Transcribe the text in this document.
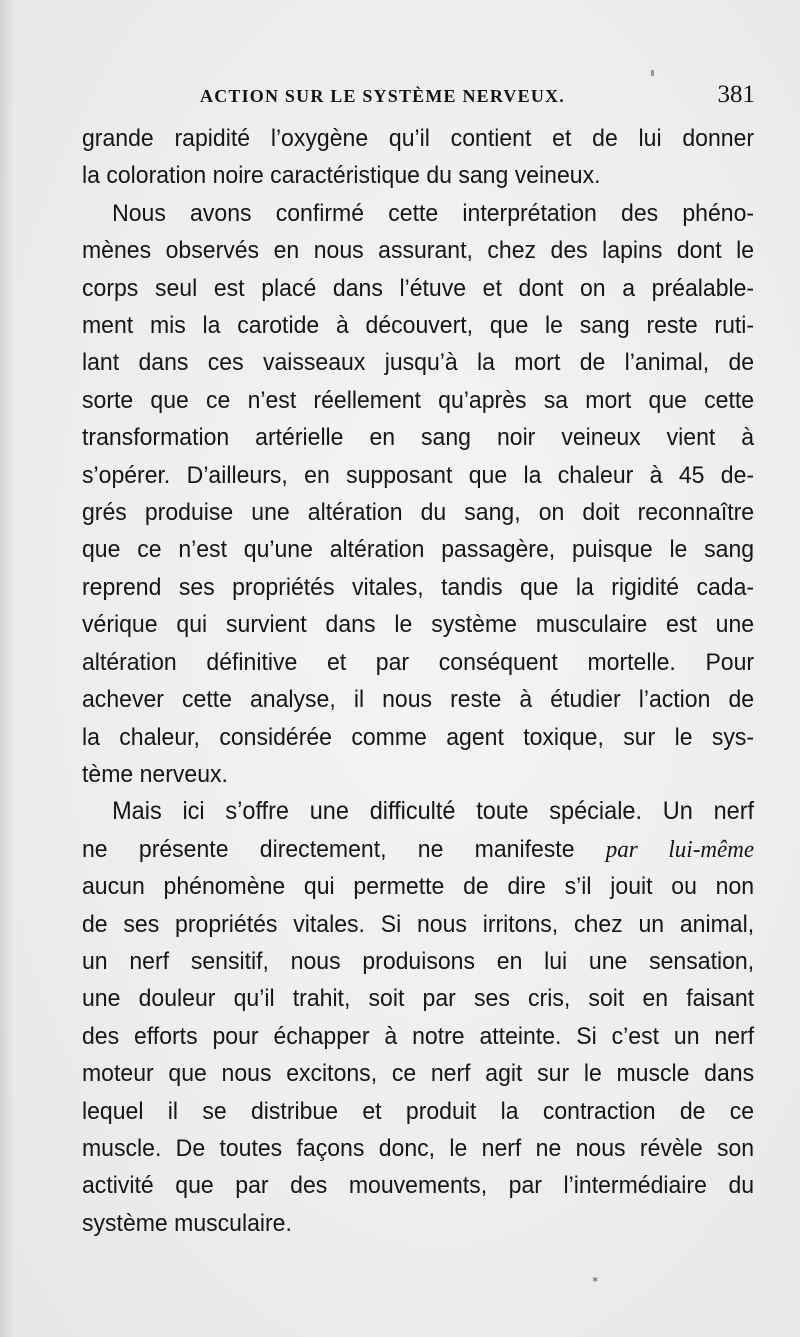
ACTION SUR LE SYSTÈME NERVEUX.	381
grande rapidité l’oxygène qu’il contient et de lui donner
la coloration noire caractéristique du sang veineux.
Nous avons confirmé cette interprétation des phéno-
mènes observés en nous assurant, chez des lapins dont le
corps seul est placé dans l’étuve et dont on a préalable-
ment mis la carotide à découvert, que le sang reste ruti-
lant dans ces vaisseaux jusqu’à la mort de l’animal, de
sorte que ce n’est réellement qu’après sa mort que cette
transformation artérielle en sang noir veineux vient à
s’opérer. D’ailleurs, en supposant que la chaleur à 45 de-
grés produise une altération du sang, on doit reconnaître
que ce n’est qu’une altération passagère, puisque le sang
reprend ses propriétés vitales, tandis que la rigidité cada-
vérique qui survient dans le système musculaire est une
altération définitive et par conséquent mortelle. Pour
achever cette analyse, il nous reste à étudier l’action de
la chaleur, considérée comme agent toxique, sur le sys-
tème nerveux.
Mais ici s’offre une difficulté toute spéciale. Un nerf
ne présente directement, ne manifeste par lui-même
aucun phénomène qui permette de dire s’il jouit ou non
de ses propriétés vitales. Si nous irritons, chez un animal,
un nerf sensitif, nous produisons en lui une sensation,
une douleur qu’il trahit, soit par ses cris, soit en faisant
des efforts pour échapper à notre atteinte. Si c’est un nerf
moteur que nous excitons, ce nerf agit sur le muscle dans
lequel il se distribue et produit la contraction de ce
muscle. De toutes façons donc, le nerf ne nous révèle son
activité que par des mouvements, par l’intermédiaire du
système musculaire.
✶
